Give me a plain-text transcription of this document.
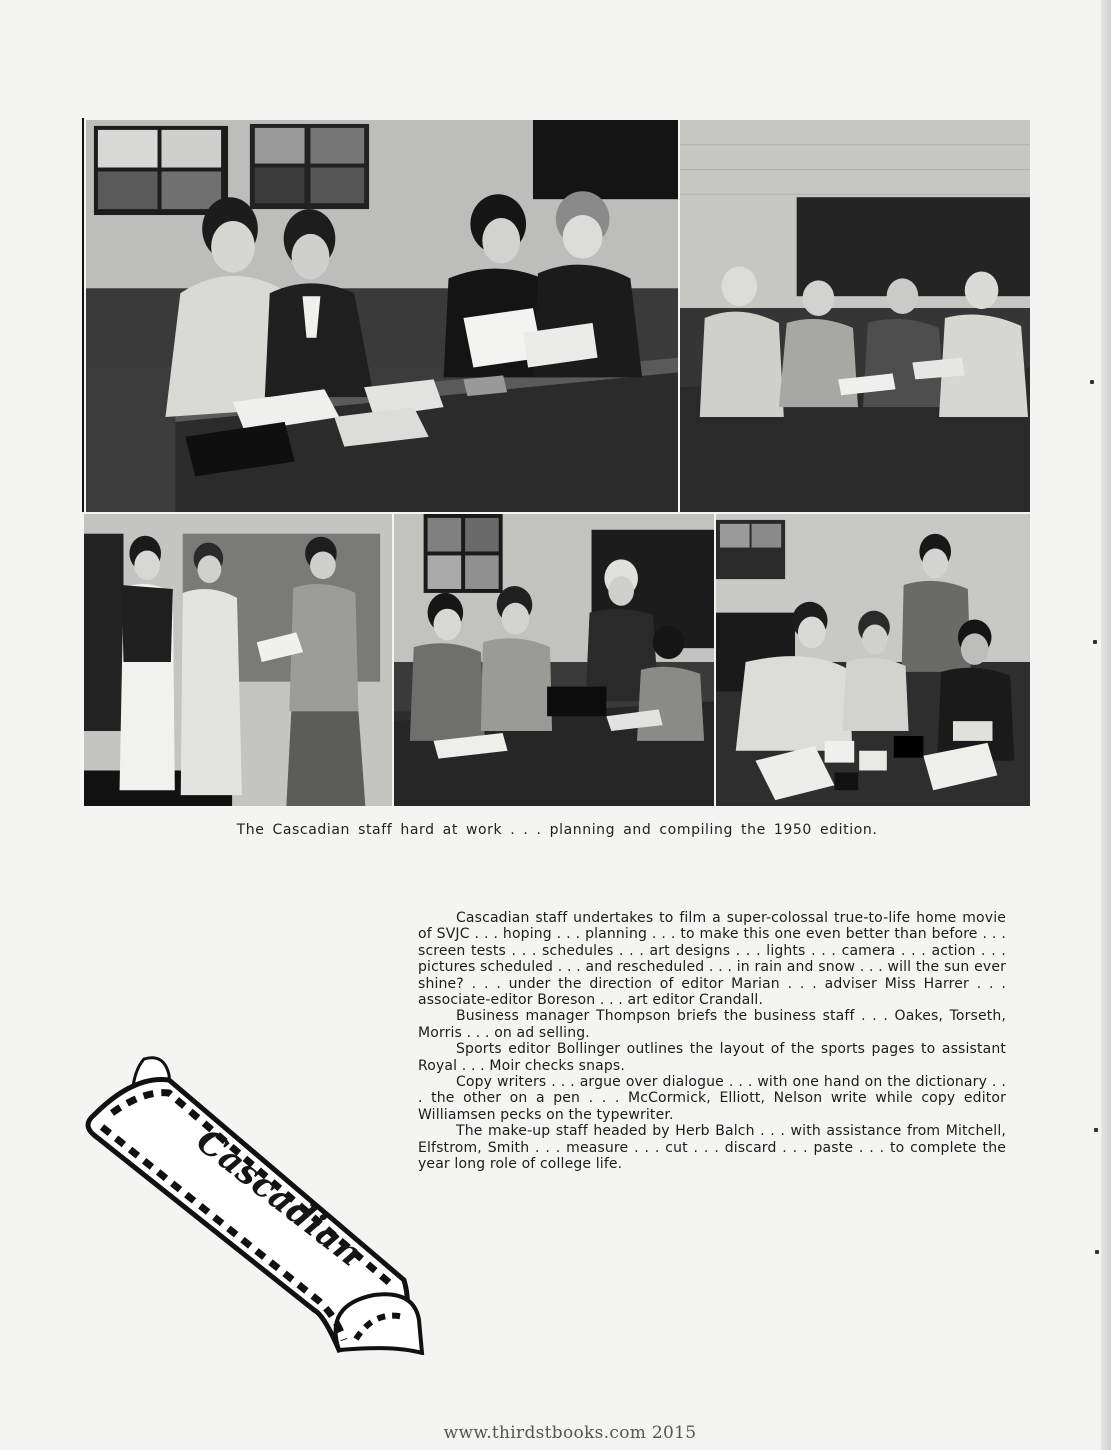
The Cascadian staff hard at work . . . planning and compiling the 1950 edition.

Cascadian staff undertakes to film a super-colossal true-to-life home movie of SVJC . . . hoping . . . planning . . . to make this one even better than before . . . screen tests . . . schedules . . . art designs . . . lights . . . camera . . . action . . . pictures scheduled . . . and rescheduled . . . in rain and snow . . . will the sun ever shine? . . . under the direction of editor Marian . . . adviser Miss Harrer . . . associate-editor Boreson . . . art editor Crandall.

Business manager Thompson briefs the business staff . . . Oakes, Torseth, Morris . . . on ad selling.

Sports editor Bollinger outlines the layout of the sports pages to assistant Royal . . . Moir checks snaps.

Copy writers . . . argue over dialogue . . . with one hand on the dictionary . . . the other on a pen . . . McCormick, Elliott, Nelson write while copy editor Williamsen pecks on the typewriter.

The make-up staff headed by Herb Balch . . . with assistance from Mitchell, Elfstrom, Smith . . . measure . . . cut . . . discard . . . paste . . . to complete the year long role of college life.

Cascadian
www.thirdstbooks.com 2015
